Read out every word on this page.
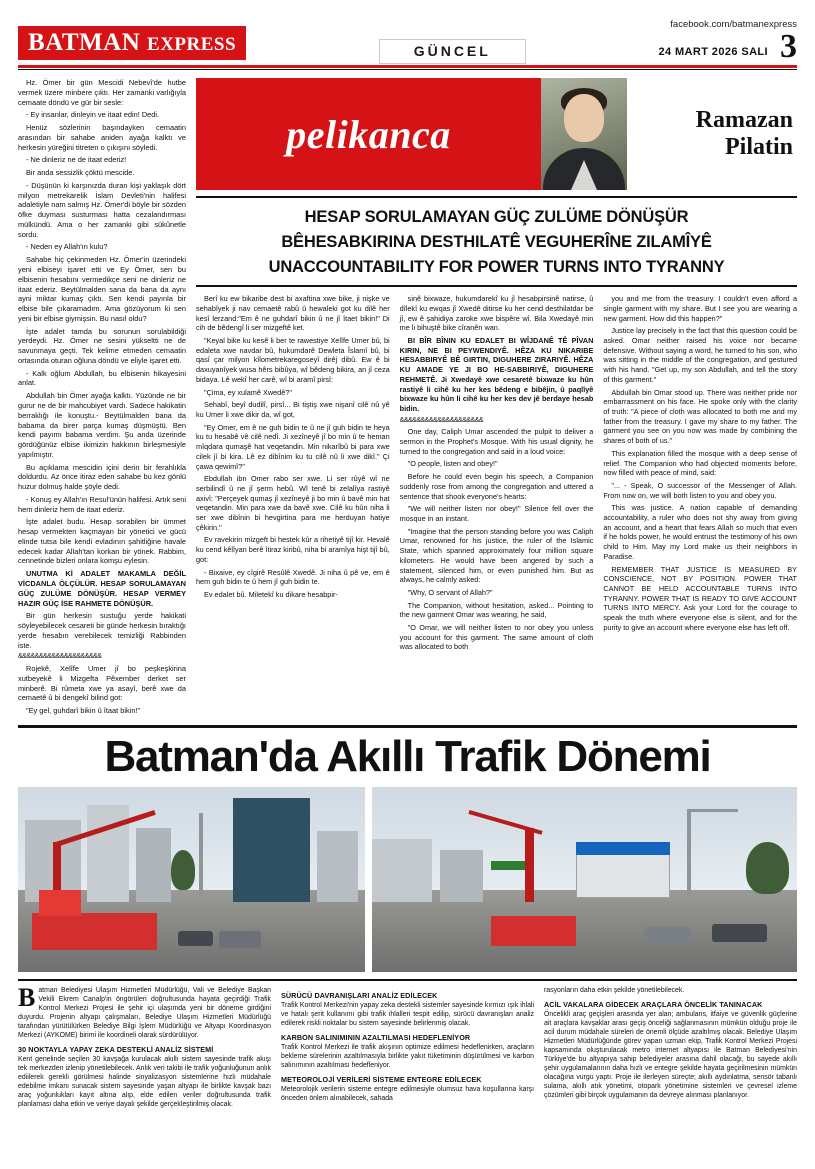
BATMAN EXPRESS	GÜNCEL
facebook.com/batmanexpress
24 MART 2026 SALI 3

Hz. Ömer bir gün Mescidi Nebevî'de hutbe vermek üzere minbere çıktı. Her zamanki varlığıyla cemaate döndü ve gür bir sesle:

- Ey insanlar, dinleyin ve itaat edin! Dedi.

Henüz sözlerinin başındayken cemaatin arasından bir sahabe aniden ayağa kalktı ve herkesin yüreğini titreten o çıkışını söyledi.

- Ne dinleriz ne de itaat ederiz!

Bir anda sessizlik çöktü mescide.

- Düşünün ki karşınızda duran kişi yaklaşık dört milyon metrekarelik İslam Devleti'nin halifesi adaletiyle nam salmış Hz. Ömer'di böyle bir sözden öfke duyması susturması hatta cezalandırması mülkündü. Ama o her zamanki gibi sükûnetle sordu.

- Neden ey Allah'ın kulu?

Sahabe hiç çekinmeden Hz. Ömer'in üzerindeki yeni elbiseyi işaret etti ve Ey Ömer, sen bu elbisenin hesabını vermedikçe seni ne dinleriz ne itaat ederiz. Beytülmalden sana da bana da aynı ayni miktar kumaş çıktı. Sen kendi payınla bir elbise bile çıkaramadım. Ama gözüyorum ki sen yeni bir elbise giymişsin. Bu nasıl oldu?

İşte adalet tamda bu sorunun sorulabildiği yerdeydi. Hz. Ömer ne sesini yükseltti ne de savunmaya geçti. Tek kelime etmeden cemaatin ortasında oturan oğluna döndü ve eliyle işaret etti.

- Kalk oğlum Abdullah, bu elbisenin hikayesini anlat.

Abdullah bin Ömer ayağa kalktı. Yüzünde ne bir gurur ne de bir mahcubiyet vardı. Sadece hakikatin berraklığı ile konuştu.- Beytülmalden bana da babama da birer parça kumaş düşmüştü. Ben kendi payımı babama verdim. Şu anda üzerinde gördüğünüz elbise ikimizin hakkının birleşmesiyle yapılmıştır.

Bu açıklama mescidin içini derin bir ferahlıkla doldurdu. Az önce itiraz eden sahabe bu kez gönlü huzur dolmuş halde şöyle dedi.

- Konuş ey Allah'ın Resul'ünün halifesi. Artık seni hem dinleriz hem de itaat ederiz.

İşte adalet budu. Hesap sorabilen bir ümmet hesap vermekten kaçmayan bir yönetici ve gücü elinde tutsa bile kendi evladının şahitliğine havale edecek kadar Allah'tan korkan bir yönek. Rabbim, cennetinde bizleri onlara komşu eylesin.

UNUTMA Kİ ADALET MAKAMLA DEĞİL VİCDANLA ÖLÇÜLÜR. HESAP SORULAMAYAN GÜÇ ZULÜME DÖNÜŞÜR. HESAP VERMEY HAZIR GÜÇ İSE RAHMETE DÖNÜŞÜR.

Bir gün herkesin sustuğu yerde hakikati söyleyebilecek cesareti bir günde herkesin bıraktığı yerde hesabın verebilecek temizliği Rabbinden iste.

&&&&&&&&&&&&&&&&&&&&

Rojekê, Xelîfe Umer jî bo peşkeşkirina xutbeyekê li Mizgefta Pêxember derket ser minberê. Bi rûmeta xwe ya asayî, berê xwe da cemaetê û bi dengekî bilind got:

"Ey gel, guhdarî bikin û îtaat bikin!"

pelikanca	Ramazan
Pilatin
HESAP SORULAMAYAN GÜÇ ZULÜME DÖNÜŞÜR
BÊHESABKIRINA DESTHILATÊ VEGUHERÎNE ZILAMÎYÊ
UNACCOUNTABILITY FOR POWER TURNS INTO TYRANNY

Berî ku ew bikaribe dest bi axaftina xwe bike, ji nişke ve sehabîyek ji nav cemaetê rabû û hewaleki got ku dilê her kesî lerzand:"Em ê ne guhdarî bikin û ne jî îtaet bikin!" Di cih de bêdengî li ser mizgeftê ket.

"Keyal bike ku kesê li ber te rawestiye Xelîfe Umer bû, bi edaleta xwe navdar bû, hukumdarê Dewleta Îslamî bû, bi qasî çar milyon kîlometrekaregoseyî dirêj dibû. Ew ê bi daxuyanîyek wusa hêrs bibûya, wî bêdeng bikira, an jî ceza bidaya. Lê wekî her carê, wî bi aramî pirsî:

"Çima, ey xulamê Xwedê?"

Sehabî, beyî dudilî, pirsî... Bi tiştiş xwe nişanî cilê nû yê ku Umer li xwe dikir da, wî got,

"Ey Omer, em ê ne guh bidin te û ne jî guh bidin te heya ku tu hesabê vê cilê nedî. Ji xezîneyê jî bo min û te heman mîqdara qumaşê hat veqetandin. Min nikarîbû bi para xwe cilek jî bi kira. Lê ez dibînim ku tu cilê nû li xwe dikî." Çi çawa qewimî?"

Ebdullah ibn Omer rabo ser xwe. Li ser rûyê wî ne serbilindî û ne jî şerm hebû. Wî tenê bi zelalîya rastiyê axivî: "Perçeyek qumaş jî xezîneyê ji bo min û bavê min hat veqetandin. Min para xwe da bavê xwe. Cilê ku hûn niha li ser xwe dibînin bi hevgirtina para me herduyan hatiye çêkirin."

Ev ravekirin mizgeft bi hestek kûr a rihetiyê tijî kir. Hevalê ku cend kêlîyan berê îtiraz kiribû, niha bi aramîya hişt tijî bû, got:

- Bixaive, ey cîgirê Resûlê Xwedê. Ji niha û pê ve, em ê hem guh bidin te û hem jî guh bidin te.

Ev edalet bû. Miletekî ku dikare hesabpir-

sinê bixwaze, hukumdarekî ku jî hesabpirsinê natirse, û dîlekî ku ewqas jî Xwedê ditirse ku her cend desthilatdar be jî, ew ê şahidiya zaroke xwe bispêre wî. Bila Xwedayê min me li bihuştê bike cîranên wan.

BI BÎR BÎNIN KU EDALET BI WÎJDANÊ TÊ PÎVAN KIRIN, NE BI PEYWENDIYÊ. HÊZA KU NIKARIBE HESABBIRYÊ BÊ GIRTIN, DIGUHERE ZIRARIYÊ. HÊZA KU AMADE YE JI BO HE-SABBIRIYÊ, DIGUHERE REHMETÊ. Ji Xwedayê xwe cesaretê bixwaze ku hûn rastiyê li cihê ku her kes bêdeng e bibêjin, û paqlîyê bixwaze ku hûn li cihê ku her kes dev jê berdaye hesab bidin.

&&&&&&&&&&&&&&&&&&&&

One day, Caliph Umar ascended the pulpit to deliver a sermon in the Prophet's Mosque. With his usual dignity, he turned to the congregation and said in a loud voice:

"O people, listen and obey!"

Before he could even begin his speech, a Companion suddenly rose from among the congregation and uttered a sentence that shook everyone's hearts:

"We will neither listen nor obey!" Silence fell over the mosque in an instant.

"Imagine that the person standing before you was Caliph Umar, renowned for his justice, the ruler of the Islamic State, which spanned approximately four million square kilometers. He would have been angered by such a statement, silenced him, or even punished him. But as always, he calmly asked:

"Why, O servant of Allah?"

The Companion, without hesitation, asked... Pointing to the new garment Omar was wearing, he said,

"O Omar, we will neither listen to nor obey you unless you account for this garment. The same amount of cloth was allocated to both

you and me from the treasury. I couldn't even afford a single garment with my share. But I see you are wearing a new garment. How did this happen?"

Justice lay precisely in the fact that this question could be asked. Omar neither raised his voice nor became defensive. Without saying a word, he turned to his son, who was sitting in the middle of the congregation, and gestured with his hand. "Get up, my son Abdullah, and tell the story of this garment."

Abdullah bin Omar stood up. There was neither pride nor embarrassment on his face. He spoke only with the clarity of truth: "A piece of cloth was allocated to both me and my father from the treasury. I gave my share to my father. The garment you see on you now was made by combining the shares of both of us."

This explanation filled the mosque with a deep sense of relief. The Companion who had objected moments before, now filled with peace of mind, said:

"... - Speak, O successor of the Messenger of Allah. From now on, we will both listen to you and obey you.

This was justice. A nation capable of demanding accountability, a ruler who does not shy away from giving an account, and a heart that fears Allah so much that even if he holds power, he would entrust the testimony of his own child to Him. May my Lord make us their neighbors in Paradise.

REMEMBER THAT JUSTICE IS MEASURED BY CONSCIENCE, NOT BY POSITION. POWER THAT CANNOT BE HELD ACCOUNTABLE TURNS INTO TYRANNY. POWER THAT IS READY TO GIVE ACCOUNT TURNS INTO MERCY. Ask your Lord for the courage to speak the truth where everyone else is silent, and for the purity to give an account where everyone else has left off.

Batman'da Akıllı Trafik Dönemi

Batman Belediyesi Ulaşım Hizmetleri Müdürlüğü, Vali ve Belediye Başkan Vekili Ekrem Canalp'in öngörüleri doğrultusunda hayata geçirdiği Trafik Kontrol Merkezi Projesi ile şehir içi ulaşımda yeni bir döneme girdiğini duyurdu. Projenin altyapı çalışmaları, Belediye Ulaşım Hizmetleri Müdürlüğü tarafından yürütülürken Belediye Bilgi İşlem Müdürlüğü ve Altyapı Koordinasyon Merkezi (AYKOME) birimi ile koordineli olarak sürdürülüyor.

30 NOKTAYLA YAPAY ZEKA DESTEKLİ ANALİZ SİSTEMİ

Kent genelinde seçilen 30 kavşağa kurulacak akıllı sistem sayesinde trafik akışı tek merkezden izlenip yönetilebilecek. Anlık veri takibi ile trafik yoğunluğunun anlık ediilerek gerekli görülmesi halinde sinyalizasyon sistemlerine hızlı müdahale edebilme imkanı sunacak sistem sayesinde yaşan altyapı ile birlikte kavşak bazı araç yoğunlukları kayıt altına alıp, elde edilen veriler doğrultusunda trafik planlaması daha etkin ve veriye dayalı şekilde gerçekleştirilmiş olacak.

SÜRÜCÜ DAVRANIŞLARI ANALİZ EDİLECEK

Trafik Kontrol Merkezi'nin yapay zeka destekli sistemler sayesinde kırmızı ışık ihlali ve hatalı şerit kullanımı gibi trafik ihlalleri tespit edilip, sürücü davranışları analiz edilerek riskli noktalar bu sistem sayesinde belirlenmiş olacak.

KARBON SALINIMININ AZALTILMASI HEDEFLENİYOR

Trafik Kontrol Merkezi ile trafik akışının optimize edilmesi hedeflenirken, araçların bekleme sürelerinin azaltılmasıyla birlikte yakıt tüketiminin düşürülmesi ve karbon salınımının azaltılması hedefleniyor.

METEOROLOJİ VERİLERİ SİSTEME ENTEGRE EDİLECEK

Meteorolojik verilerin sisteme entegre edilmesiyle olumsuz hava koşullarına karşı önceden önlem alınabilecek, sahada

rasyonların daha etkin şekilde yönetilebilecek.

ACİL VAKALARA GİDECEK ARAÇLARA ÖNCELİK TANINACAK

Öncelikli araç geçişleri arasında yer alan; ambulans, itfaiye ve güvenlik güçlerine ait araçlara kavşaklar arası geçiş önceliği sağlanmasının mümkün olduğu proje ile acil durum müdahale süreleri de önemli ölçüde azaltılmış olacak. Belediye Ulaşım Hizmetleri Müdürlüğünde görev yapan uzman ekip, Trafik Kontrol Merkezi Projesi kapsamında oluşturulacak metro internet altyapısı ile Batman Belediyesi'nin Türkiye'de bu altyapıya sahip belediyeler arasına dahil olacağı, bu sayede akıllı şehir uygulamalarının daha hızlı ve entegre şekilde hayata geçirilmesinin mümkün olacağına vurgu yaptı. Proje ile ilerleyen süreçte; akıllı aydınlatma, sensör tabanlı sulama, akıllı atık yönetimi, otopark yönetimine sistemleri ve çevresel izleme çözümleri gibi birçok uygulamanın da devreye alınması planlanıyor.
